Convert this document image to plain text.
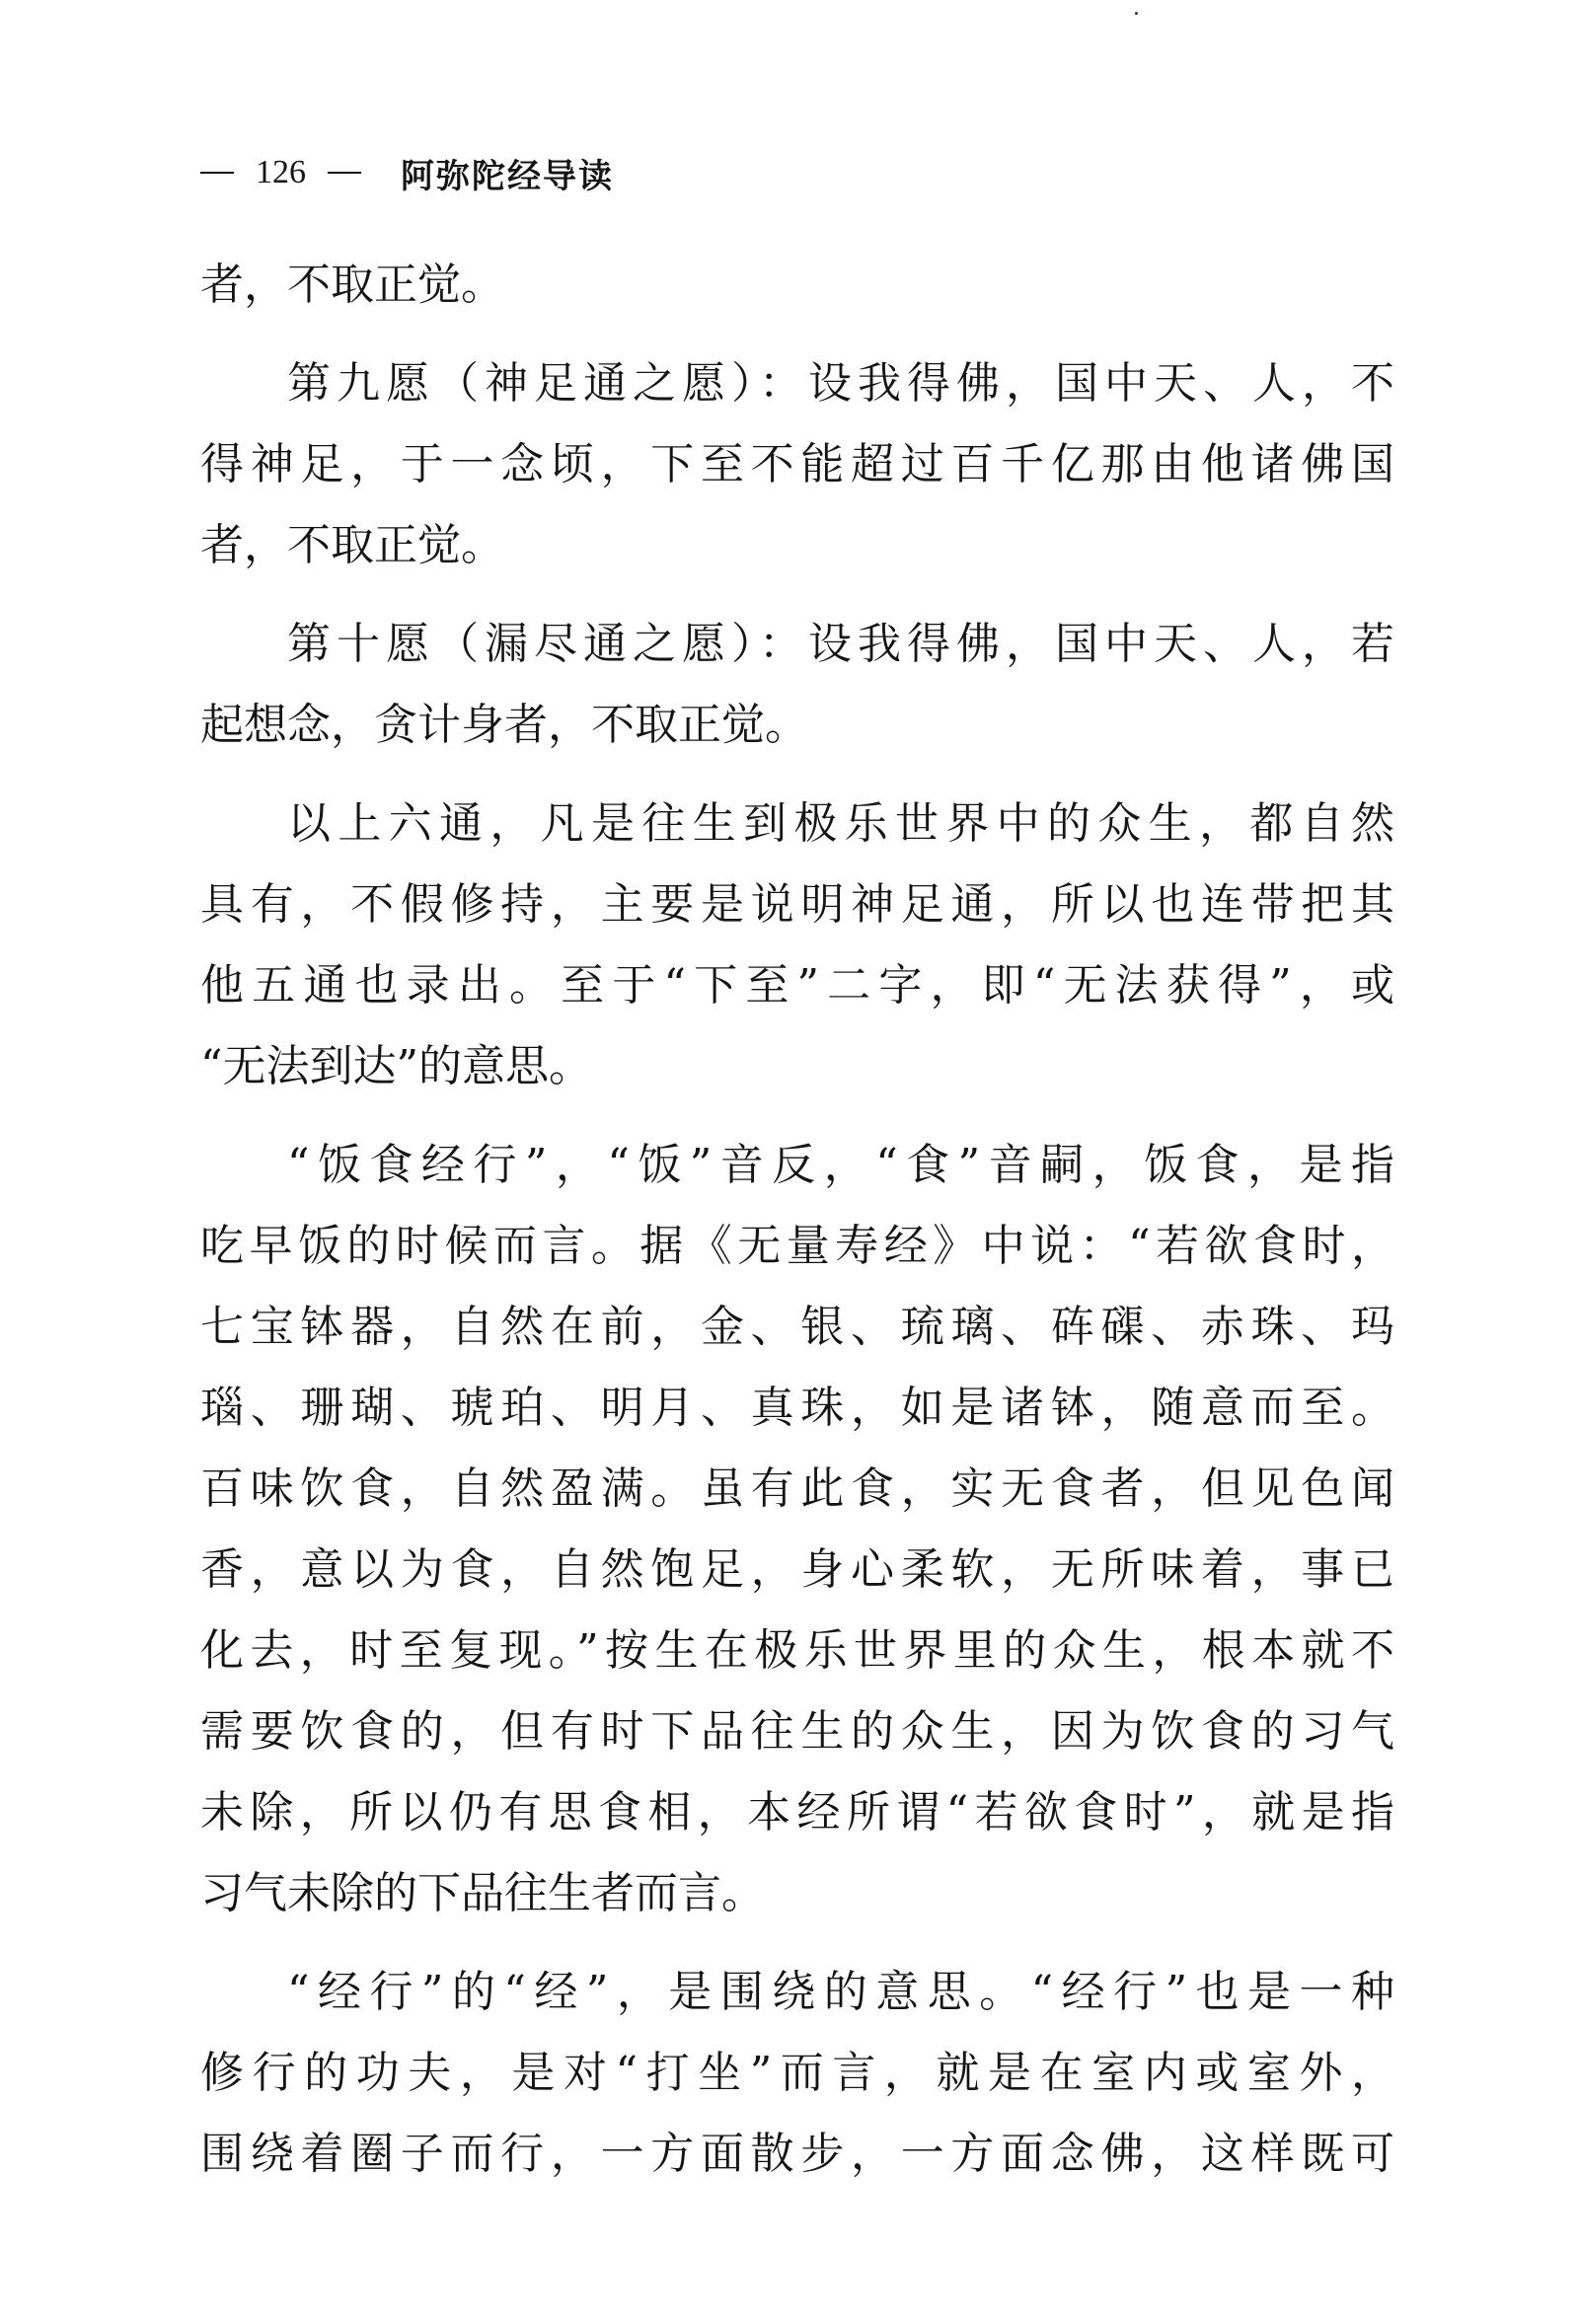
126	阿弥陀经导读
者，不取正觉。
第九愿（神足通之愿）：设我得佛，国中天、人，不
得神足，于一念顷，下至不能超过百千亿那由他诸佛国
者，不取正觉。
第十愿（漏尽通之愿）：设我得佛，国中天、人，若
起想念，贪计身者，不取正觉。
以上六通，凡是往生到极乐世界中的众生，都自然
具有，不假修持，主要是说明神足通，所以也连带把其
他五通也录出。至于“下至”二字，即“无法获得”，或
“无法到达”的意思。
“饭食经行”，“饭”音反，“食”音嗣，饭食，是指
吃早饭的时候而言。据《无量寿经》中说：“若欲食时，
七宝钵器，自然在前，金、银、琉璃、砗磲、赤珠、玛
瑙、珊瑚、琥珀、明月、真珠，如是诸钵，随意而至。
百味饮食，自然盈满。虽有此食，实无食者，但见色闻
香，意以为食，自然饱足，身心柔软，无所味着，事已
化去，时至复现。”按生在极乐世界里的众生，根本就不
需要饮食的，但有时下品往生的众生，因为饮食的习气
未除，所以仍有思食相，本经所谓“若欲食时”，就是指
习气未除的下品往生者而言。
“经行”的“经”，是围绕的意思。“经行”也是一种
修行的功夫，是对“打坐”而言，就是在室内或室外，
围绕着圈子而行，一方面散步，一方面念佛，这样既可
